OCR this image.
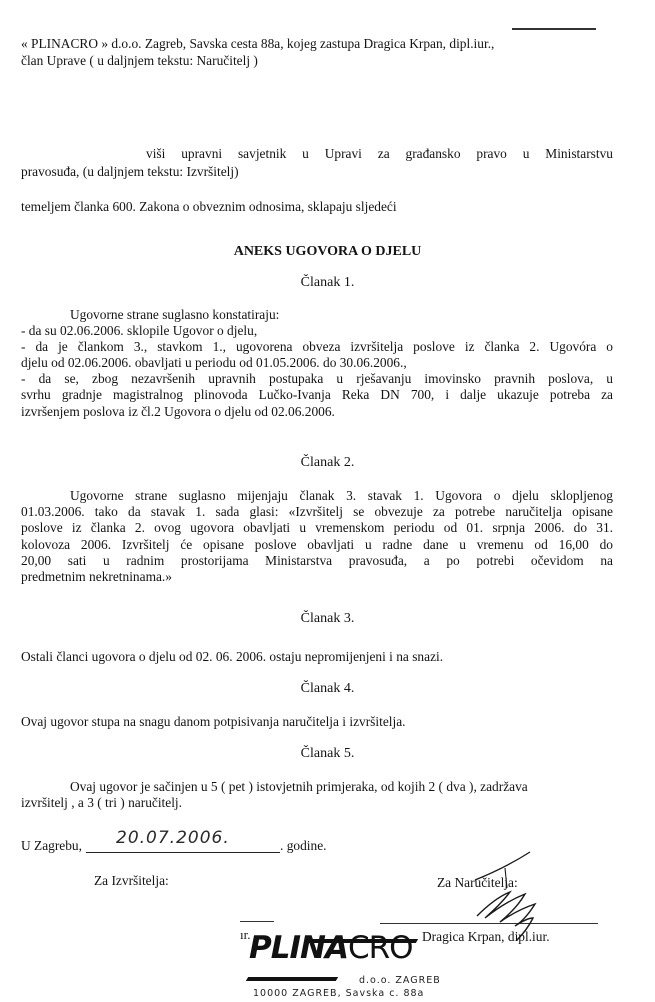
« PLINACRO » d.o.o. Zagreb, Savska cesta 88a, kojeg zastupa Dragica Krpan, dipl.iur.,
član Uprave ( u daljnjem tekstu: Naručitelj )
viši upravni savjetnik u Upravi za građansko pravo u Ministarstvu
pravosuđa, (u daljnjem tekstu: Izvršitelj)
temeljem članka 600. Zakona o obveznim odnosima, sklapaju sljedeći
ANEKS UGOVORA O DJELU
Članak 1.
Ugovorne strane suglasno konstatiraju:
- da su 02.06.2006. sklopile Ugovor o djelu,
- da je člankom 3., stavkom 1., ugovorena obveza izvršitelja poslove iz članka 2. Ugovóra o
djelu od 02.06.2006. obavljati u periodu od 01.05.2006. do 30.06.2006.,
- da se, zbog nezavršenih upravnih postupaka u rješavanju imovinsko pravnih poslova, u
svrhu gradnje magistralnog plinovoda Lučko-Ivanja Reka DN 700, i dalje ukazuje potreba za
izvršenjem poslova iz čl.2 Ugovora o djelu od 02.06.2006.
Članak 2.
Ugovorne strane suglasno mijenjaju članak 3. stavak 1. Ugovora o djelu sklopljenog
01.03.2006. tako da stavak 1. sada glasi: «Izvršitelj se obvezuje za potrebe naručitelja opisane
poslove iz članka 2. ovog ugovora obavljati u vremenskom periodu od 01. srpnja 2006. do 31.
kolovoza 2006. Izvršitelj će opisane poslove obavljati u radne dane u vremenu od 16,00 do
20,00 sati u radnim prostorijama Ministarstva pravosuđa, a po potrebi očevidom na
predmetnim nekretninama.»
Članak 3.
Ostali članci ugovora o djelu od 02. 06. 2006. ostaju nepromijenjeni i na snazi.
Članak 4.
Ovaj ugovor stupa na snagu danom potpisivanja naručitelja i izvršitelja.
Članak 5.
Ovaj ugovor je sačinjen u 5 ( pet ) istovjetnih primjeraka, od kojih 2 ( dva ), zadržava
izvršitelj , a 3 ( tri ) naručitelj.
U Zagrebu, 20.07.2006.	. godine.
Za Izvršitelja:	Za Naručitelja:
ır.	Dragica Krpan, dipl.iur.
PLINACRO
d.o.o. ZAGREB
10000 ZAGREB, Savska c. 88a
